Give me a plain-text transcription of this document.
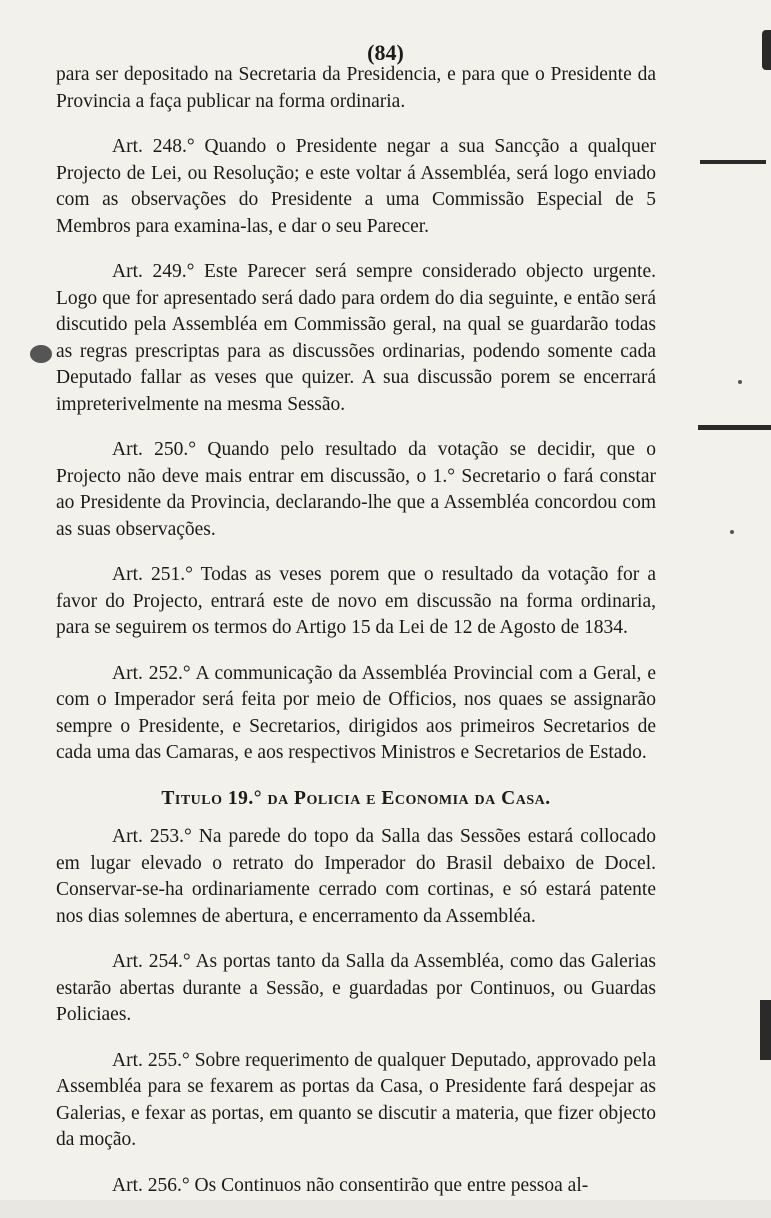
(84)

para ser depositado na Secretaria da Presidencia, e para que o Presidente da Provincia a faça publicar na forma ordinaria.

Art. 248.° Quando o Presidente negar a sua Sancção a qualquer Projecto de Lei, ou Resolução; e este voltar á Assembléa, será logo enviado com as observações do Presidente a uma Commissão Especial de 5 Membros para examina-las, e dar o seu Parecer.

Art. 249.° Este Parecer será sempre considerado objecto urgente. Logo que for apresentado será dado para ordem do dia seguinte, e então será discutido pela Assembléa em Commissão geral, na qual se guardarão todas as regras prescriptas para as discussões ordinarias, podendo somente cada Deputado fallar as veses que quizer. A sua discussão porem se encerrará impreterivelmente na mesma Sessão.

Art. 250.° Quando pelo resultado da votação se decidir, que o Projecto não deve mais entrar em discussão, o 1.° Secretario o fará constar ao Presidente da Provincia, declarando-lhe que a Assembléa concordou com as suas observações.

Art. 251.° Todas as veses porem que o resultado da votação for a favor do Projecto, entrará este de novo em discussão na forma ordinaria, para se seguirem os termos do Artigo 15 da Lei de 12 de Agosto de 1834.

Art. 252.° A communicação da Assembléa Provincial com a Geral, e com o Imperador será feita por meio de Officios, nos quaes se assignarão sempre o Presidente, e Secretarios, dirigidos aos primeiros Secretarios de cada uma das Camaras, e aos respectivos Ministros e Secretarios de Estado.

Titulo 19.° da Policia e Economia da Casa.

Art. 253.° Na parede do topo da Salla das Sessões estará collocado em lugar elevado o retrato do Imperador do Brasil debaixo de Docel. Conservar-se-ha ordinariamente cerrado com cortinas, e só estará patente nos dias solemnes de abertura, e encerramento da Assembléa.

Art. 254.° As portas tanto da Salla da Assembléa, como das Galerias estarão abertas durante a Sessão, e guardadas por Continuos, ou Guardas Policiaes.

Art. 255.° Sobre requerimento de qualquer Deputado, approvado pela Assembléa para se fexarem as portas da Casa, o Presidente fará despejar as Galerias, e fexar as portas, em quanto se discutir a materia, que fizer objecto da moção.

Art. 256.° Os Continuos não consentirão que entre pessoa al-
